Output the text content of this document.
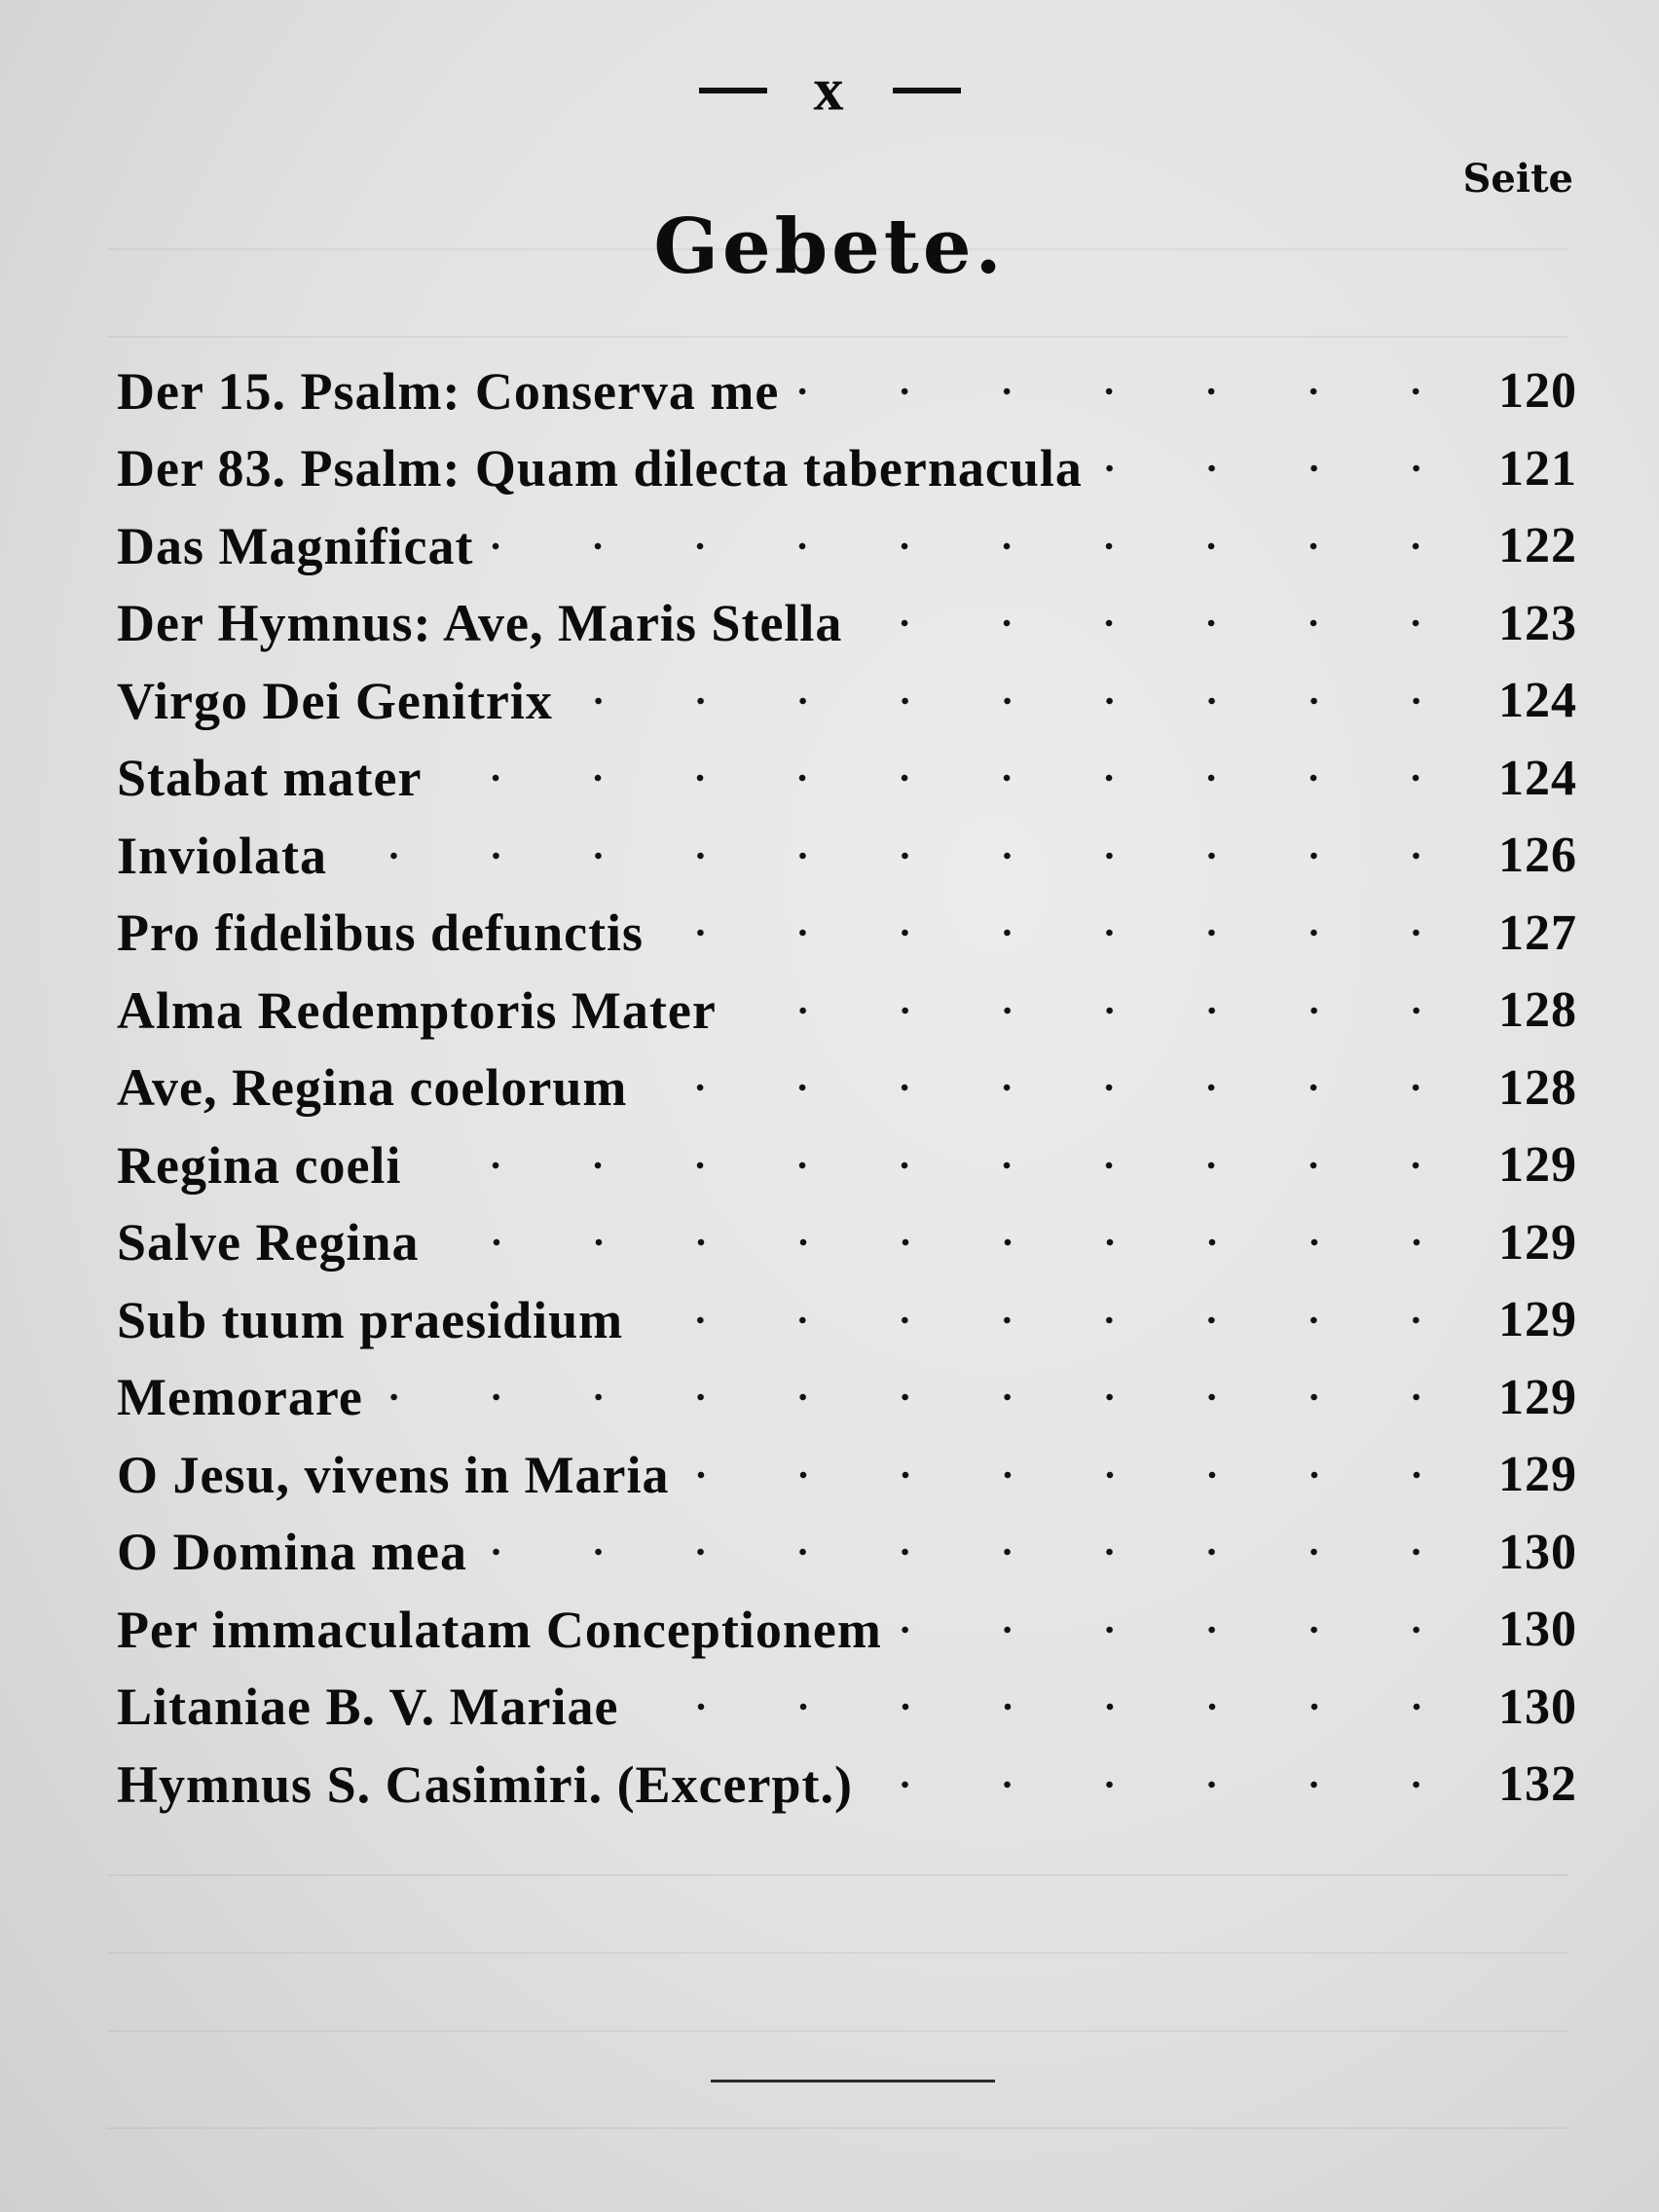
x
Seite
Gebete.
Der 15. Psalm: Conserva me	120
Der 83. Psalm: Quam dilecta tabernacula	121
Das Magnificat	122
Der Hymnus: Ave, Maris Stella	123
Virgo Dei Genitrix	124
Stabat mater	124
Inviolata	126
Pro fidelibus defunctis	127
Alma Redemptoris Mater	128
Ave, Regina coelorum	128
Regina coeli	129
Salve Regina	129
Sub tuum praesidium	129
Memorare	129
O Jesu, vivens in Maria	129
O Domina mea	130
Per immaculatam Conceptionem	130
Litaniae B. V. Mariae	130
Hymnus S. Casimiri. (Excerpt.)	132
